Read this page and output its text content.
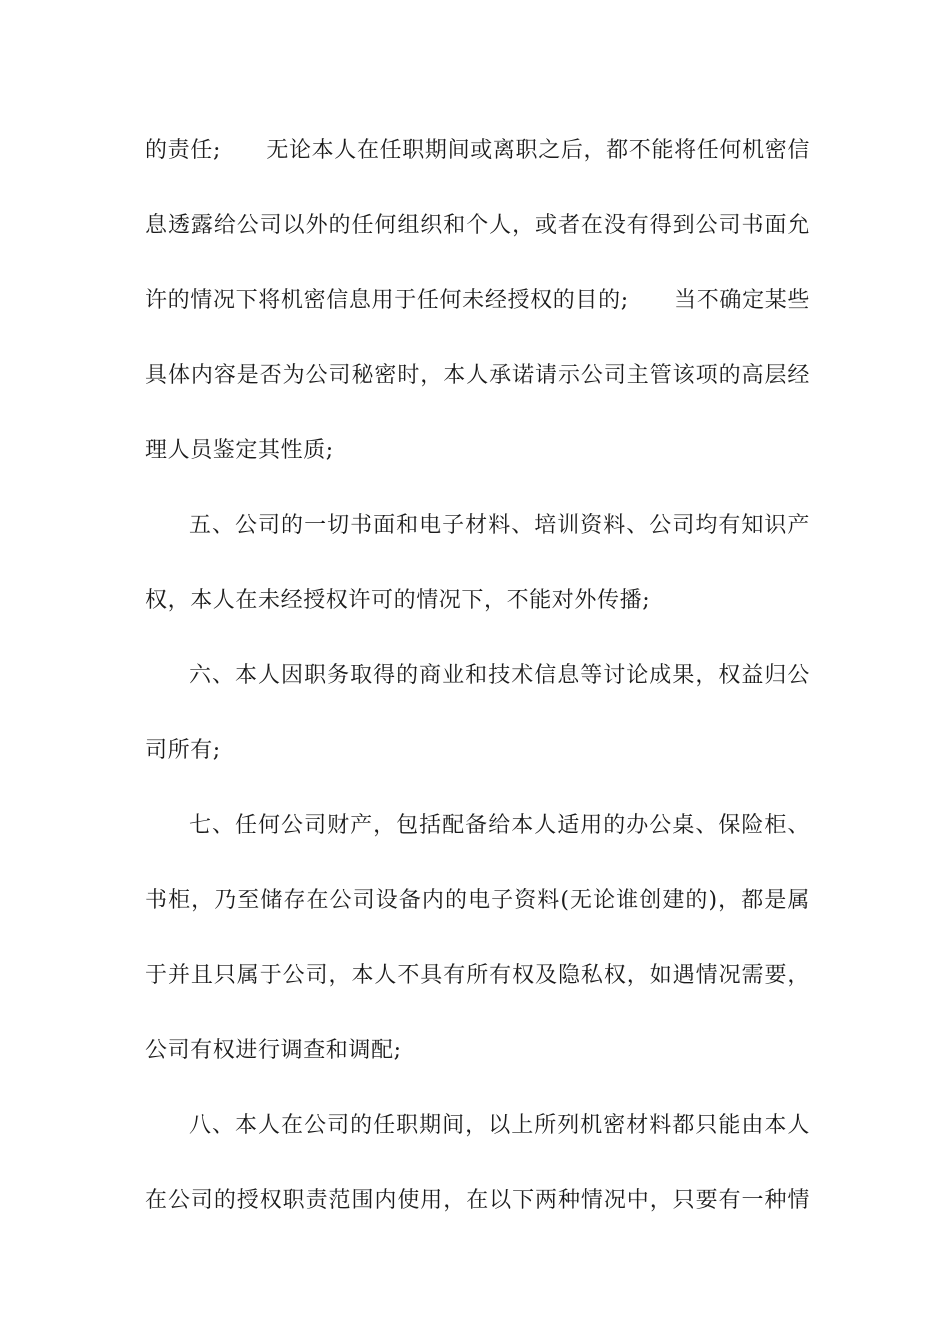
的责任;　　无论本人在任职期间或离职之后，都不能将任何机密信
息透露给公司以外的任何组织和个人，或者在没有得到公司书面允
许的情况下将机密信息用于任何未经授权的目的;　　当不确定某些
具体内容是否为公司秘密时，本人承诺请示公司主管该项的高层经
理人员鉴定其性质;
五、公司的一切书面和电子材料、培训资料、公司均有知识产
权，本人在未经授权许可的情况下，不能对外传播;
六、本人因职务取得的商业和技术信息等讨论成果，权益归公
司所有;
七、任何公司财产，包括配备给本人适用的办公桌、保险柜、
书柜，乃至储存在公司设备内的电子资料(无论谁创建的)，都是属
于并且只属于公司，本人不具有所有权及隐私权，如遇情况需要，
公司有权进行调查和调配;
八、本人在公司的任职期间，以上所列机密材料都只能由本人
在公司的授权职责范围内使用，在以下两种情况中，只要有一种情
